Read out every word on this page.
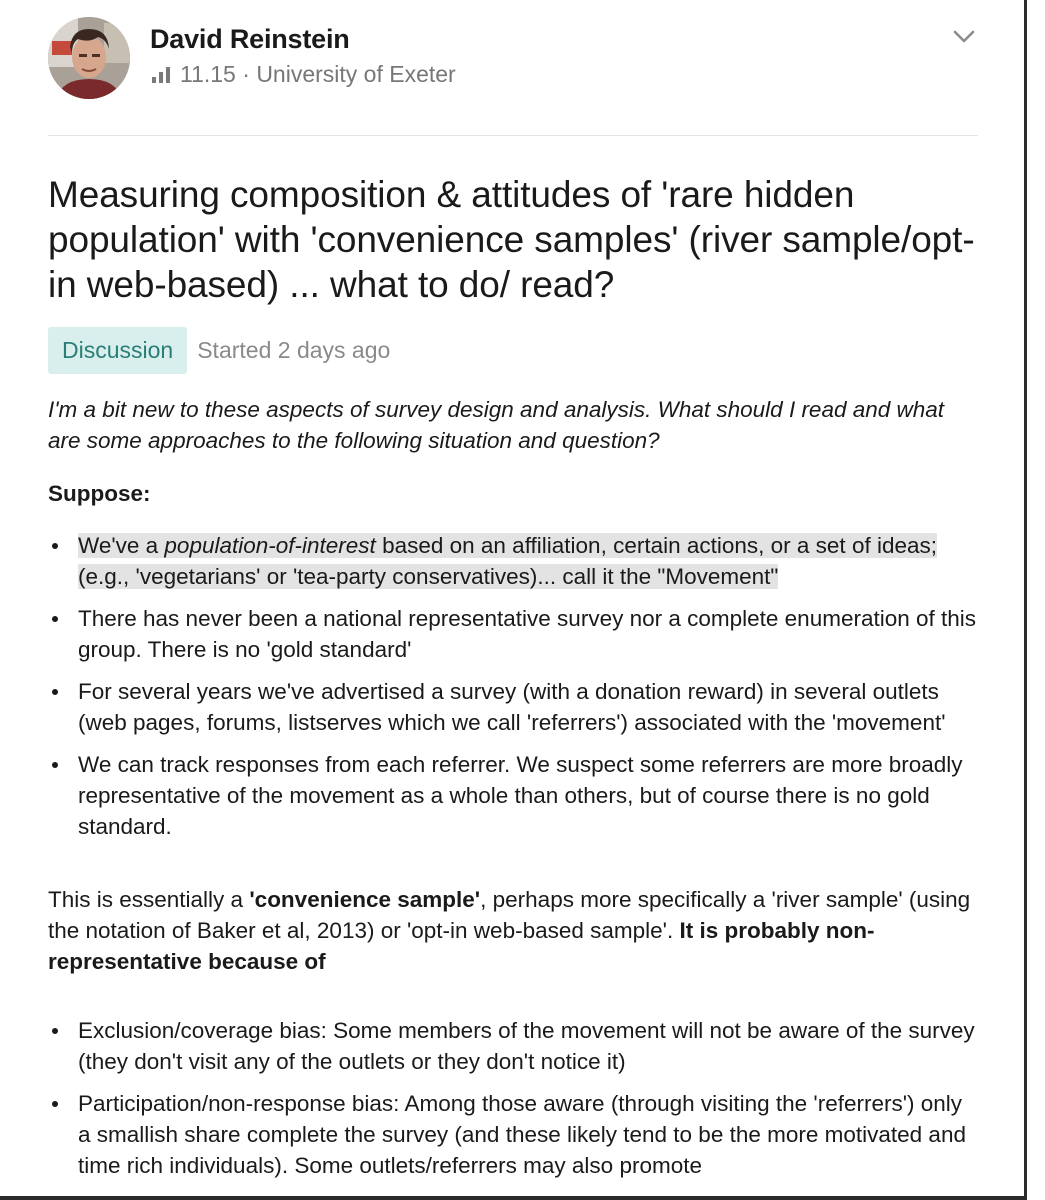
David Reinstein
11.15 · University of Exeter
Measuring composition & attitudes of 'rare hidden population' with 'convenience samples' (river sample/opt-in web-based) ... what to do/ read?
Discussion	Started 2 days ago
I'm a bit new to these aspects of survey design and analysis. What should I read and what are some approaches to the following situation and question?
Suppose:
We've a population-of-interest based on an affiliation, certain actions, or a set of ideas; (e.g., 'vegetarians' or 'tea-party conservatives)... call it the "Movement"
There has never been a national representative survey nor a complete enumeration of this group. There is no 'gold standard'
For several years we've advertised a survey (with a donation reward) in several outlets (web pages, forums, listserves which we call 'referrers') associated with the 'movement'
We can track responses from each referrer. We suspect some referrers are more broadly representative of the movement as a whole than others, but of course there is no gold standard.
This is essentially a 'convenience sample', perhaps more specifically a 'river sample' (using the notation of Baker et al, 2013) or 'opt-in web-based sample'. It is probably non-representative because of
Exclusion/coverage bias: Some members of the movement will not be aware of the survey (they don't visit any of the outlets or they don't notice it)
Participation/non-response bias: Among those aware (through visiting the 'referrers') only a smallish share complete the survey (and these likely tend to be the more motivated and time rich individuals). Some outlets/referrers may also promote
